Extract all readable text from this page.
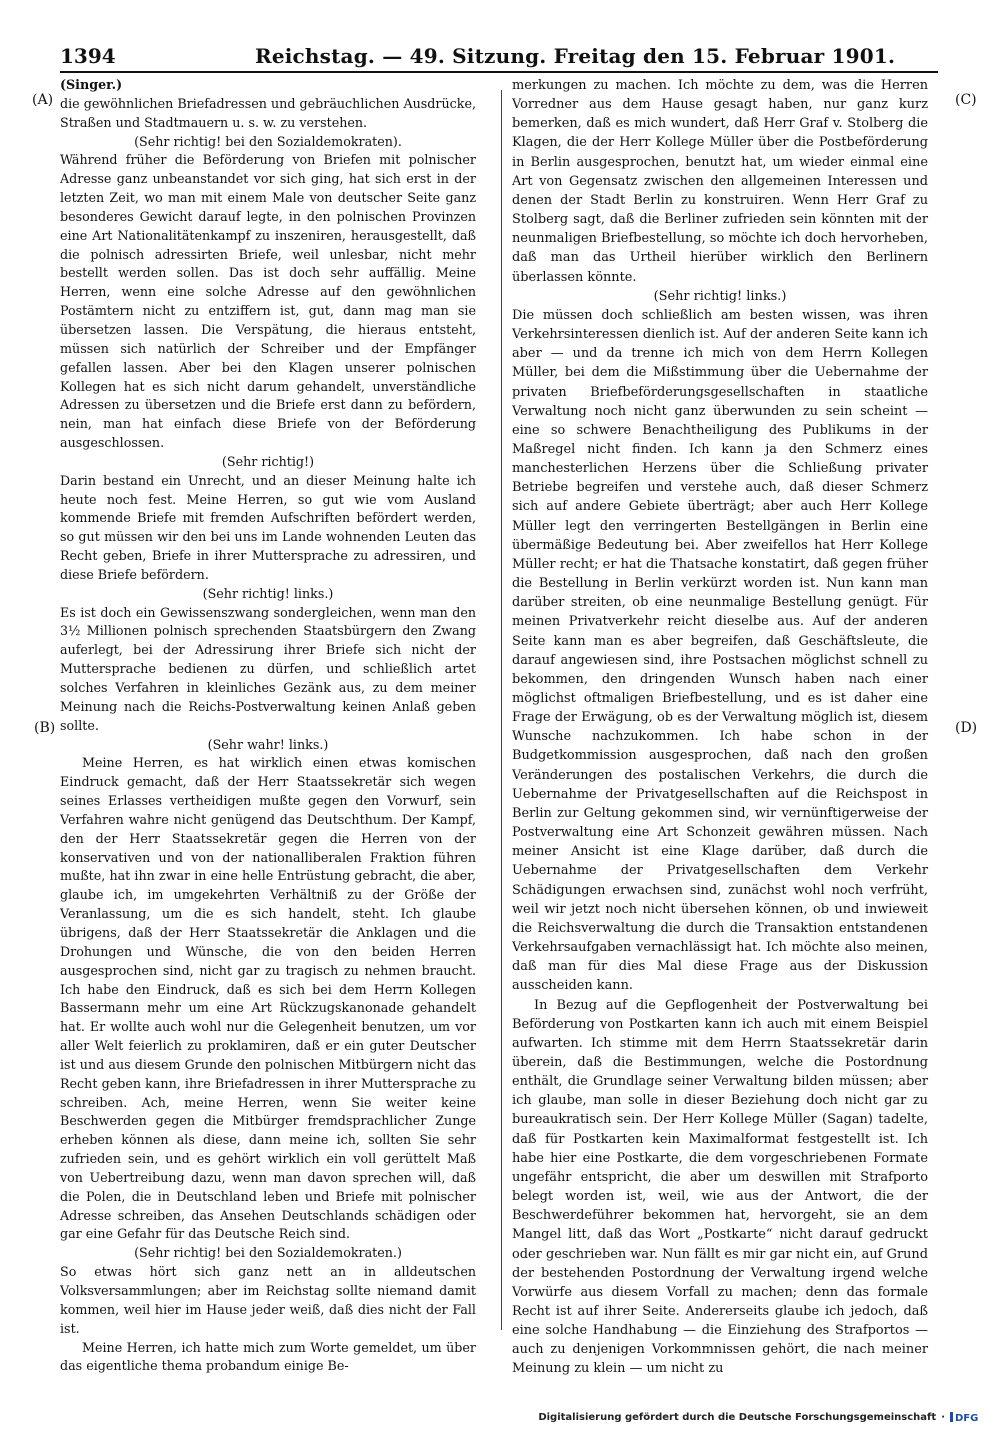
1394	Reichstag. — 49. Sitzung. Freitag den 15. Februar 1901.
(A)
(B)
(C)
(D)

(Singer.)

die gewöhnlichen Briefadressen und gebräuchlichen Ausdrücke, Straßen und Stadtmauern u. s. w. zu verstehen.

(Sehr richtig! bei den Sozialdemokraten).

Während früher die Beförderung von Briefen mit polnischer Adresse ganz unbeanstandet vor sich ging, hat sich erst in der letzten Zeit, wo man mit einem Male von deutscher Seite ganz besonderes Gewicht darauf legte, in den polnischen Provinzen eine Art Nationalitätenkampf zu inszeniren, herausgestellt, daß die polnisch adressirten Briefe, weil unlesbar, nicht mehr bestellt werden sollen. Das ist doch sehr auffällig. Meine Herren, wenn eine solche Adresse auf den gewöhnlichen Postämtern nicht zu entziffern ist, gut, dann mag man sie übersetzen lassen. Die Verspätung, die hieraus entsteht, müssen sich natürlich der Schreiber und der Empfänger gefallen lassen. Aber bei den Klagen unserer polnischen Kollegen hat es sich nicht darum gehandelt, unverständliche Adressen zu übersetzen und die Briefe erst dann zu befördern, nein, man hat einfach diese Briefe von der Beförderung ausgeschlossen.

(Sehr richtig!)

Darin bestand ein Unrecht, und an dieser Meinung halte ich heute noch fest. Meine Herren, so gut wie vom Ausland kommende Briefe mit fremden Aufschriften befördert werden, so gut müssen wir den bei uns im Lande wohnenden Leuten das Recht geben, Briefe in ihrer Muttersprache zu adressiren, und diese Briefe befördern.

(Sehr richtig! links.)

Es ist doch ein Gewissenszwang sondergleichen, wenn man den 3½ Millionen polnisch sprechenden Staatsbürgern den Zwang auferlegt, bei der Adressirung ihrer Briefe sich nicht der Muttersprache bedienen zu dürfen, und schließlich artet solches Verfahren in kleinliches Gezänk aus, zu dem meiner Meinung nach die Reichs-Postverwaltung keinen Anlaß geben sollte.

(Sehr wahr! links.)

Meine Herren, es hat wirklich einen etwas komischen Eindruck gemacht, daß der Herr Staatssekretär sich wegen seines Erlasses vertheidigen mußte gegen den Vorwurf, sein Verfahren wahre nicht genügend das Deutschthum. Der Kampf, den der Herr Staatssekretär gegen die Herren von der konservativen und von der nationalliberalen Fraktion führen mußte, hat ihn zwar in eine helle Entrüstung gebracht, die aber, glaube ich, im umgekehrten Verhältniß zu der Größe der Veranlassung, um die es sich handelt, steht. Ich glaube übrigens, daß der Herr Staatssekretär die Anklagen und die Drohungen und Wünsche, die von den beiden Herren ausgesprochen sind, nicht gar zu tragisch zu nehmen braucht. Ich habe den Eindruck, daß es sich bei dem Herrn Kollegen Bassermann mehr um eine Art Rückzugskanonade gehandelt hat. Er wollte auch wohl nur die Gelegenheit benutzen, um vor aller Welt feierlich zu proklamiren, daß er ein guter Deutscher ist und aus diesem Grunde den polnischen Mitbürgern nicht das Recht geben kann, ihre Briefadressen in ihrer Muttersprache zu schreiben. Ach, meine Herren, wenn Sie weiter keine Beschwerden gegen die Mitbürger fremdsprachlicher Zunge erheben können als diese, dann meine ich, sollten Sie sehr zufrieden sein, und es gehört wirklich ein voll gerüttelt Maß von Uebertreibung dazu, wenn man davon sprechen will, daß die Polen, die in Deutschland leben und Briefe mit polnischer Adresse schreiben, das Ansehen Deutschlands schädigen oder gar eine Gefahr für das Deutsche Reich sind.

(Sehr richtig! bei den Sozialdemokraten.)

So etwas hört sich ganz nett an in alldeutschen Volksversammlungen; aber im Reichstag sollte niemand damit kommen, weil hier im Hause jeder weiß, daß dies nicht der Fall ist.

Meine Herren, ich hatte mich zum Worte gemeldet, um über das eigentliche thema probandum einige Be-

merkungen zu machen. Ich möchte zu dem, was die Herren Vorredner aus dem Hause gesagt haben, nur ganz kurz bemerken, daß es mich wundert, daß Herr Graf v. Stolberg die Klagen, die der Herr Kollege Müller über die Postbeförderung in Berlin ausgesprochen, benutzt hat, um wieder einmal eine Art von Gegensatz zwischen den allgemeinen Interessen und denen der Stadt Berlin zu konstruiren. Wenn Herr Graf zu Stolberg sagt, daß die Berliner zufrieden sein könnten mit der neunmaligen Briefbestellung, so möchte ich doch hervorheben, daß man das Urtheil hierüber wirklich den Berlinern überlassen könnte.

(Sehr richtig! links.)

Die müssen doch schließlich am besten wissen, was ihren Verkehrsinteressen dienlich ist. Auf der anderen Seite kann ich aber — und da trenne ich mich von dem Herrn Kollegen Müller, bei dem die Mißstimmung über die Uebernahme der privaten Briefbeförderungsgesellschaften in staatliche Verwaltung noch nicht ganz überwunden zu sein scheint — eine so schwere Benachtheiligung des Publikums in der Maßregel nicht finden. Ich kann ja den Schmerz eines manchesterlichen Herzens über die Schließung privater Betriebe begreifen und verstehe auch, daß dieser Schmerz sich auf andere Gebiete überträgt; aber auch Herr Kollege Müller legt den verringerten Bestellgängen in Berlin eine übermäßige Bedeutung bei. Aber zweifellos hat Herr Kollege Müller recht; er hat die Thatsache konstatirt, daß gegen früher die Bestellung in Berlin verkürzt worden ist. Nun kann man darüber streiten, ob eine neunmalige Bestellung genügt. Für meinen Privatverkehr reicht dieselbe aus. Auf der anderen Seite kann man es aber begreifen, daß Geschäftsleute, die darauf angewiesen sind, ihre Postsachen möglichst schnell zu bekommen, den dringenden Wunsch haben nach einer möglichst oftmaligen Briefbestellung, und es ist daher eine Frage der Erwägung, ob es der Verwaltung möglich ist, diesem Wunsche nachzukommen. Ich habe schon in der Budgetkommission ausgesprochen, daß nach den großen Veränderungen des postalischen Verkehrs, die durch die Uebernahme der Privatgesellschaften auf die Reichspost in Berlin zur Geltung gekommen sind, wir vernünftigerweise der Postverwaltung eine Art Schonzeit gewähren müssen. Nach meiner Ansicht ist eine Klage darüber, daß durch die Uebernahme der Privatgesellschaften dem Verkehr Schädigungen erwachsen sind, zunächst wohl noch verfrüht, weil wir jetzt noch nicht übersehen können, ob und inwieweit die Reichsverwaltung die durch die Transaktion entstandenen Verkehrsaufgaben vernachlässigt hat. Ich möchte also meinen, daß man für dies Mal diese Frage aus der Diskussion ausscheiden kann.

In Bezug auf die Gepflogenheit der Postverwaltung bei Beförderung von Postkarten kann ich auch mit einem Beispiel aufwarten. Ich stimme mit dem Herrn Staatssekretär darin überein, daß die Bestimmungen, welche die Postordnung enthält, die Grundlage seiner Verwaltung bilden müssen; aber ich glaube, man solle in dieser Beziehung doch nicht gar zu bureaukratisch sein. Der Herr Kollege Müller (Sagan) tadelte, daß für Postkarten kein Maximalformat festgestellt ist. Ich habe hier eine Postkarte, die dem vorgeschriebenen Formate ungefähr entspricht, die aber um deswillen mit Strafporto belegt worden ist, weil, wie aus der Antwort, die der Beschwerdeführer bekommen hat, hervorgeht, sie an dem Mangel litt, daß das Wort „Postkarte“ nicht darauf gedruckt oder geschrieben war. Nun fällt es mir gar nicht ein, auf Grund der bestehenden Postordnung der Verwaltung irgend welche Vorwürfe aus diesem Vorfall zu machen; denn das formale Recht ist auf ihrer Seite. Andererseits glaube ich jedoch, daß eine solche Handhabung — die Einziehung des Strafportos — auch zu denjenigen Vorkommnissen gehört, die nach meiner Meinung zu klein — um nicht zu

Digitalisierung gefördert durch die Deutsche Forschungsgemeinschaft · DFG
